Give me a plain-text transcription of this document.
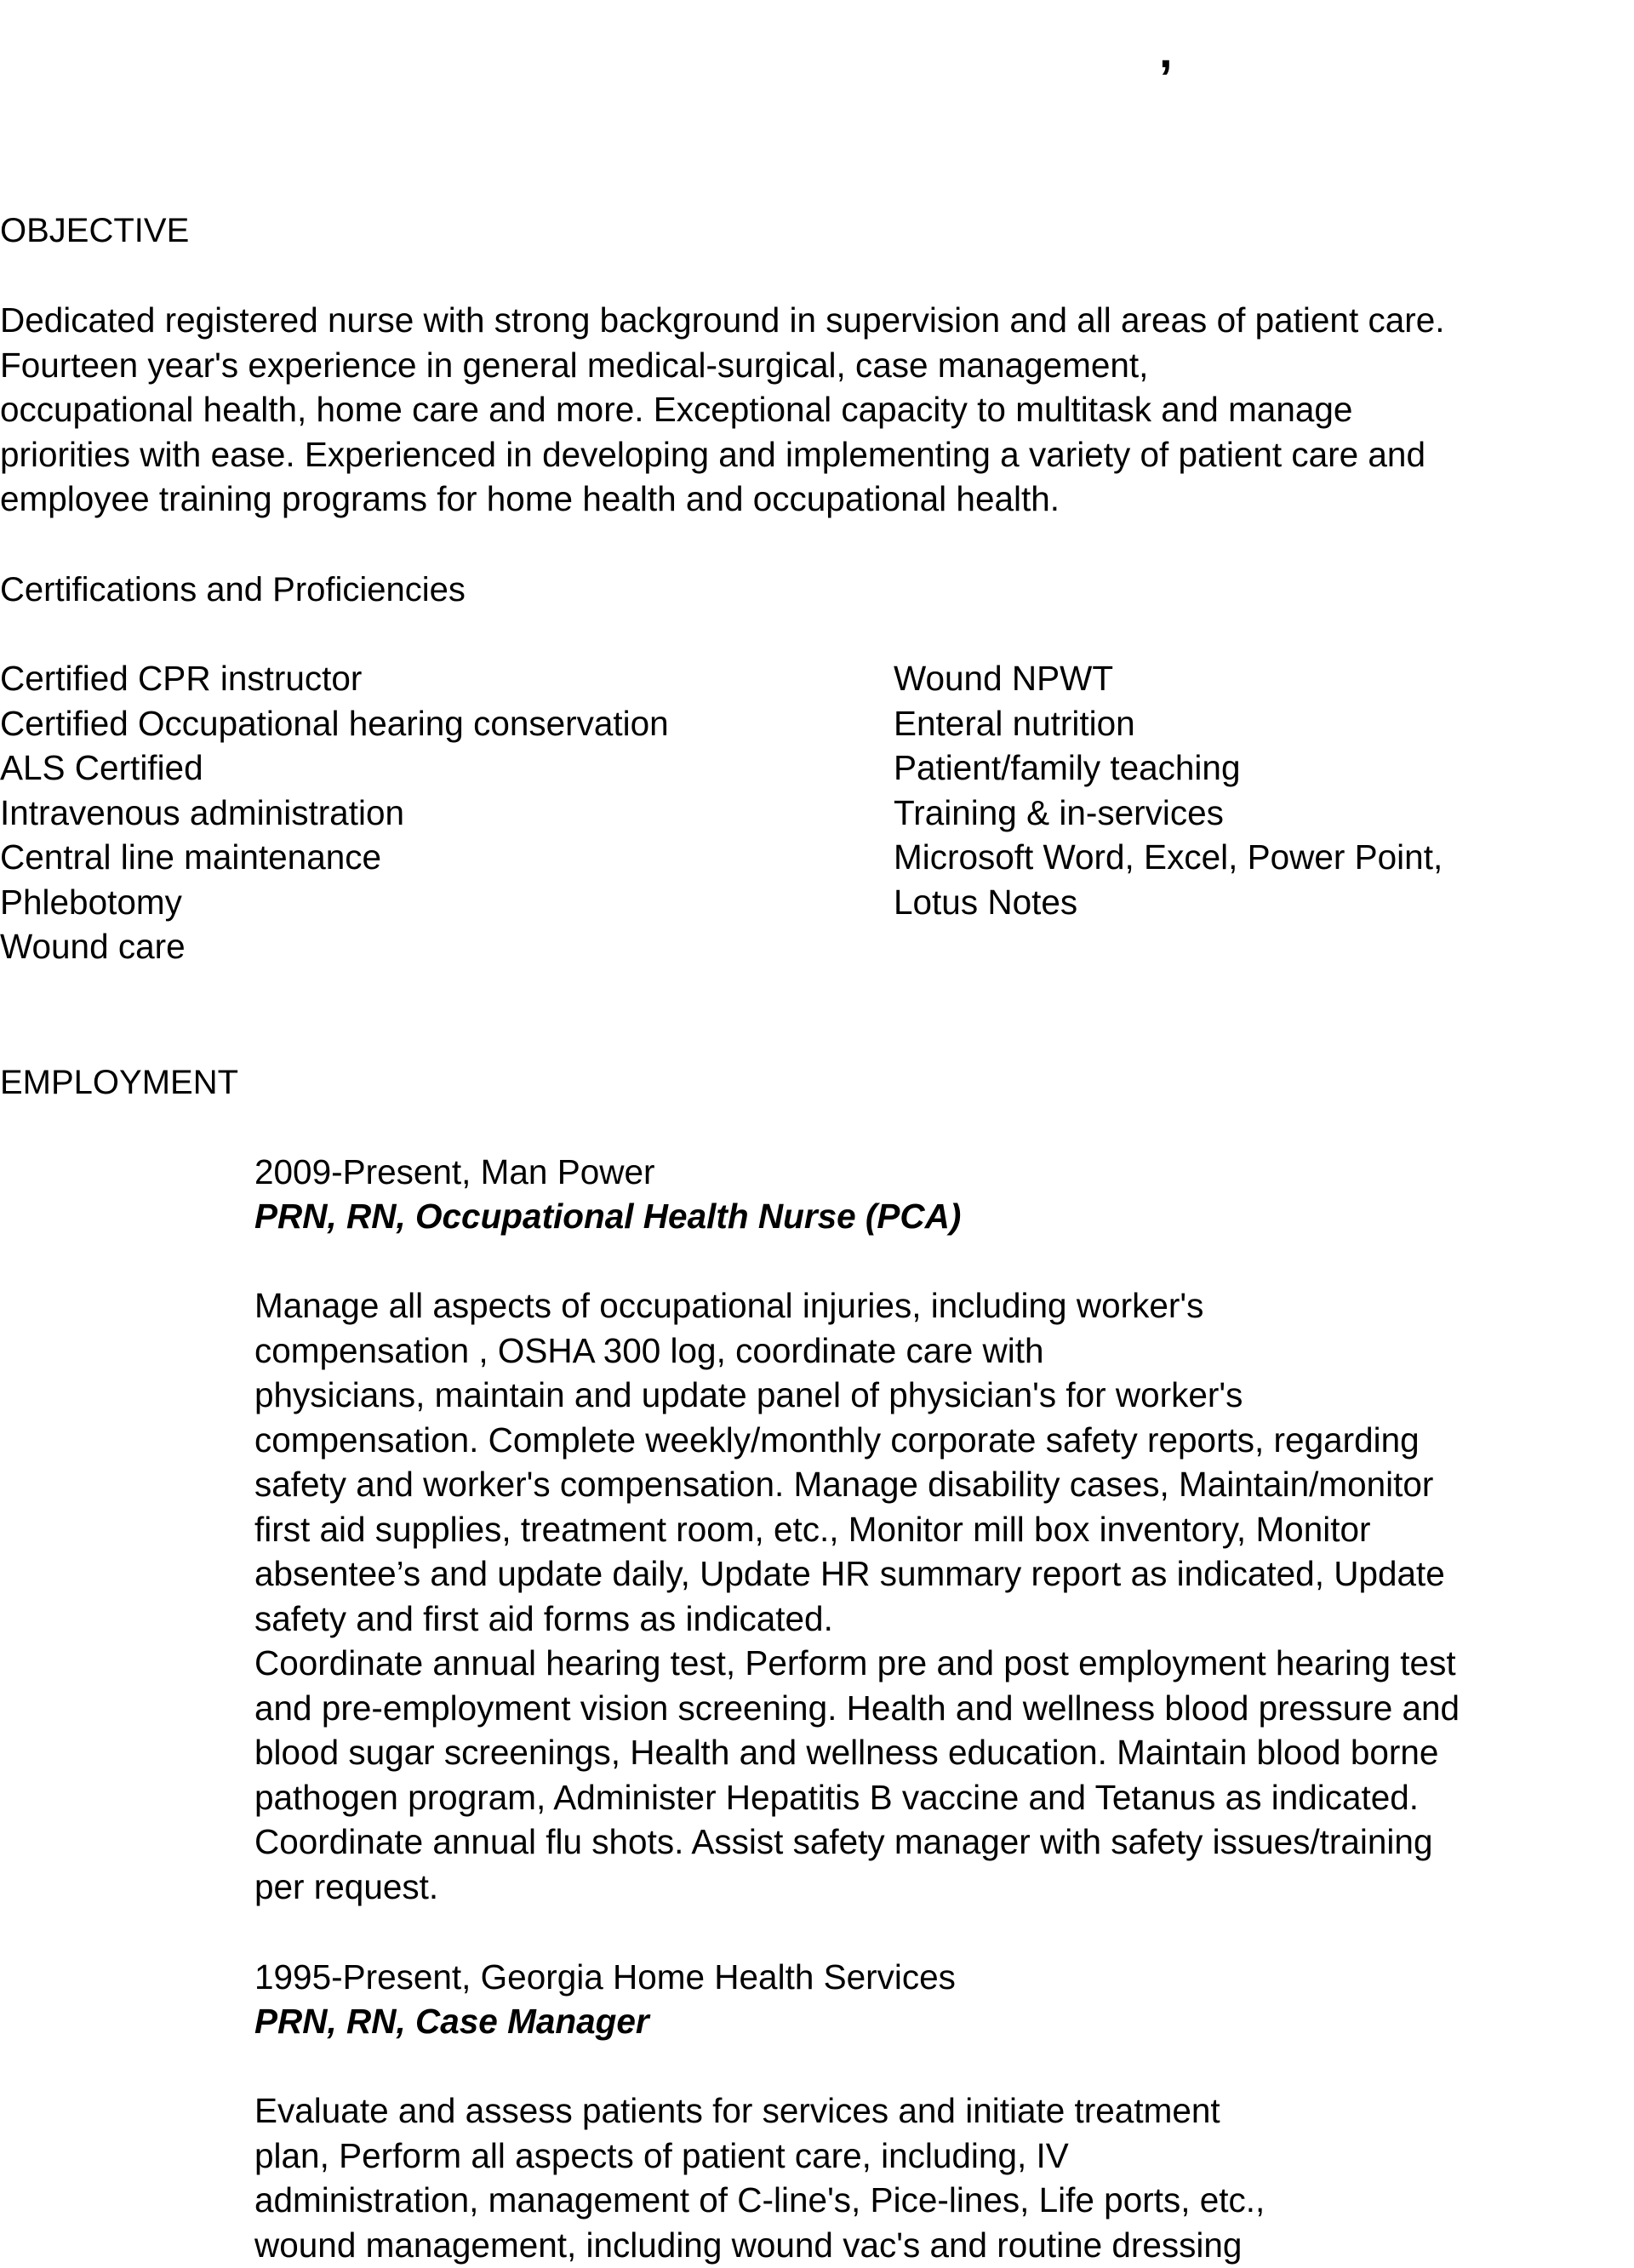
,
OBJECTIVE
Dedicated registered nurse with strong background in supervision and all areas of patient care.
Fourteen year's experience in general medical-surgical, case management,
occupational health, home care and more. Exceptional capacity to multitask and manage
priorities with ease. Experienced in developing and implementing a variety of patient care and
employee training programs for home health and occupational health.
Certifications and Proficiencies
Certified CPR instructor
Certified Occupational hearing conservation
ALS Certified
Intravenous administration
Central line maintenance
Phlebotomy
Wound care
Wound NPWT
Enteral nutrition
Patient/family teaching
Training & in-services
Microsoft Word, Excel, Power Point,
Lotus Notes
EMPLOYMENT
2009-Present, Man Power
PRN, RN, Occupational Health Nurse (PCA)
Manage all aspects of occupational injuries, including worker's
compensation , OSHA 300 log, coordinate care with
physicians, maintain and update panel of physician's for worker's
compensation. Complete weekly/monthly corporate safety reports, regarding
safety and worker's compensation. Manage disability cases, Maintain/monitor
first aid supplies, treatment room, etc., Monitor mill box inventory, Monitor
absentee’s and update daily, Update HR summary report as indicated, Update
safety and first aid forms as indicated.
Coordinate annual hearing test, Perform pre and post employment hearing test
and pre-employment vision screening. Health and wellness blood pressure and
blood sugar screenings, Health and wellness education. Maintain blood borne
pathogen program, Administer Hepatitis B vaccine and Tetanus as indicated.
Coordinate annual flu shots. Assist safety manager with safety issues/training
per request.
1995-Present, Georgia Home Health Services
PRN, RN, Case Manager
Evaluate and assess patients for services and initiate treatment
plan, Perform all aspects of patient care, including, IV
administration, management of C-line's, Pice-lines, Life ports, etc.,
wound management, including wound vac's and routine dressing
